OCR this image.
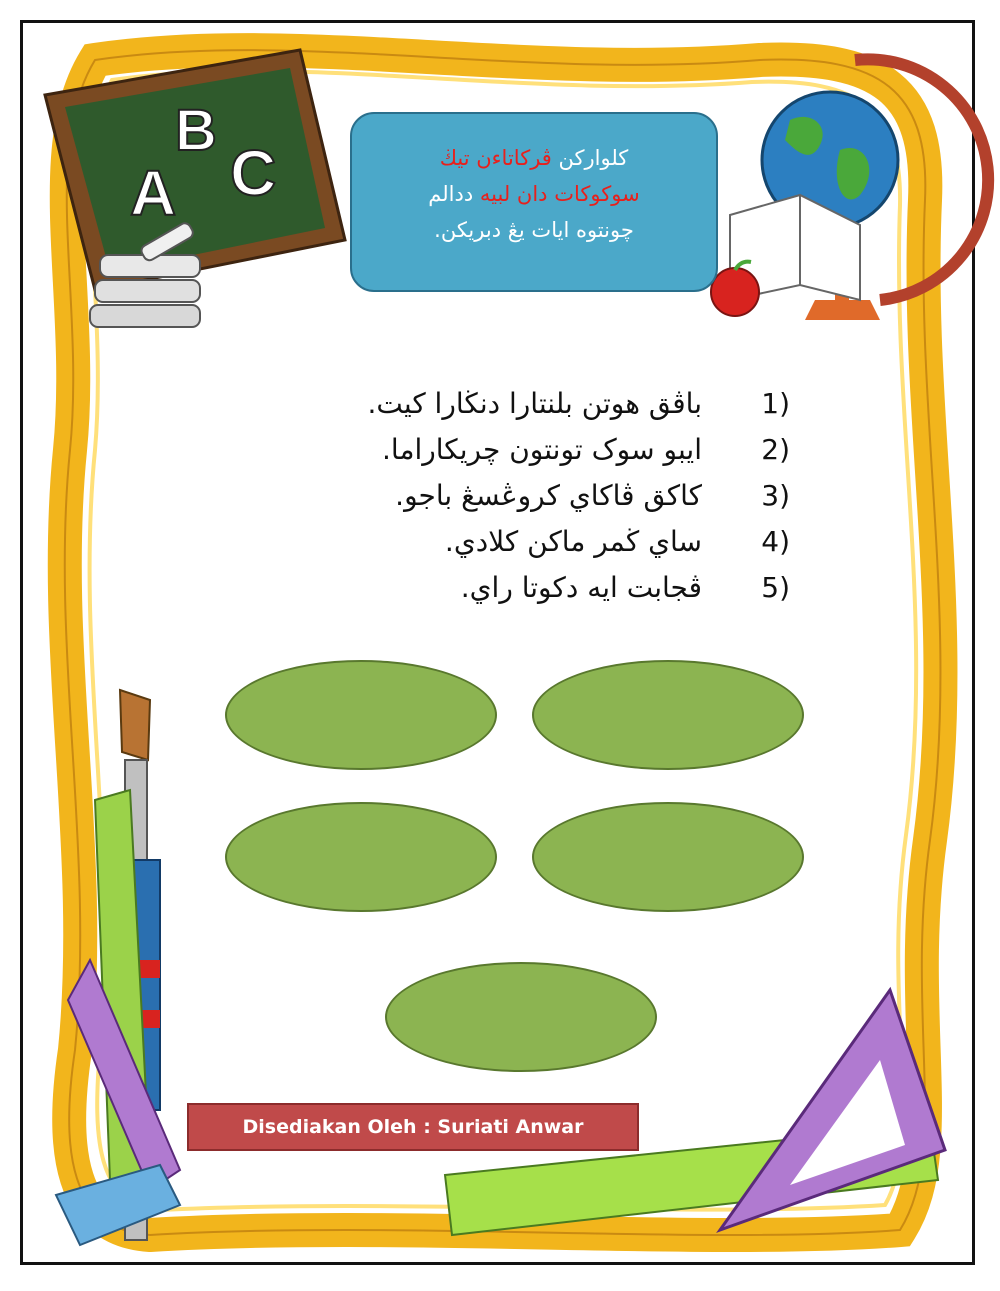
A
B
C	كلواركن ڤركاتاءن تيڬ
سوكوكات دان لبيه ددالم
چونتوه ايات يڠ دبريكن.
1)
باڤق هوتن بلنتارا دنڬارا كيت.
2)
ايبو سوک تونتون چريكاراما.
3)
كاكق ڤاكاي كروڠسڠ باجو.
4)
ساي ڬمر ماكن كلادي.
5)
ڤجابت ايه دكوتا راي.
Disediakan Oleh : Suriati Anwar
